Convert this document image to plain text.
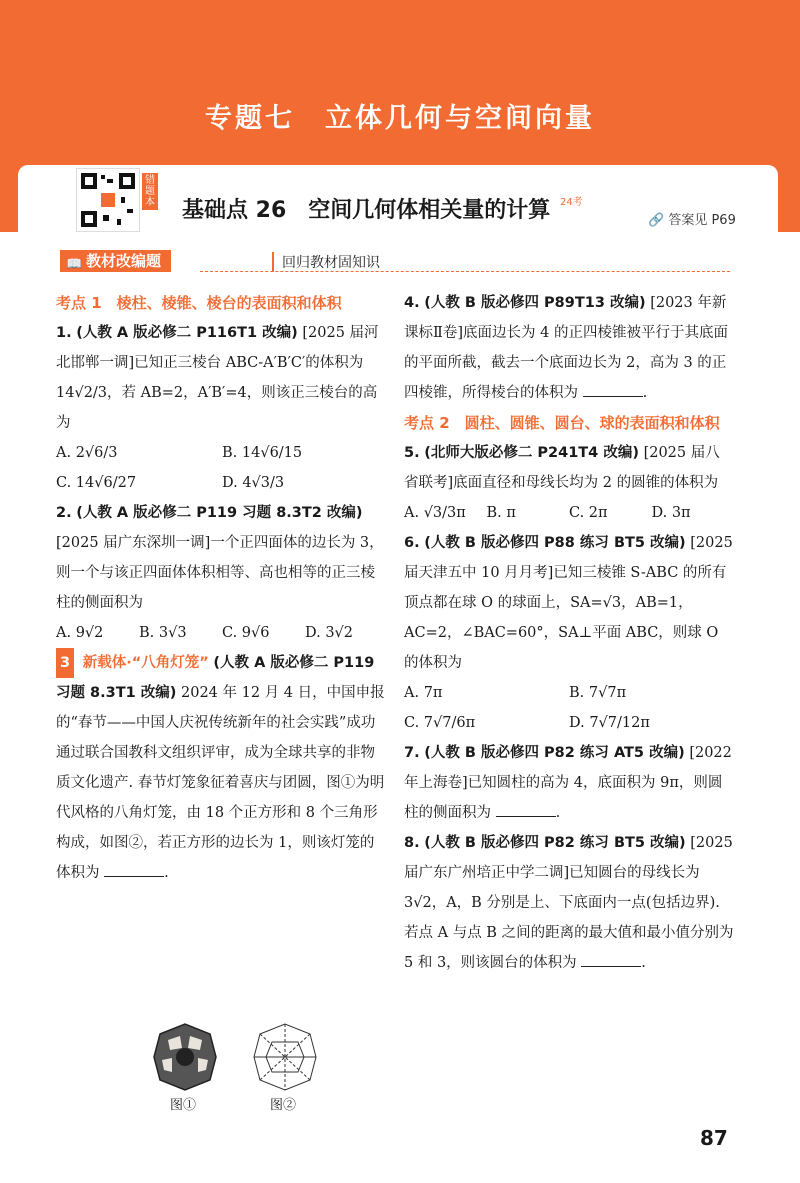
专题七　立体几何与空间向量
错题本 基础点 26　空间几何体相关量的计算 $^{24考}$
🔗 答案见 P69
📖 教材改编题	回归教材固知识
考点 1　棱柱、棱锥、棱台的表面积和体积
1. (人教 A 版必修二 P116T1 改编) [2025 届河北邯郸一调]已知正三棱台 ABC-A′B′C′的体积为 14√2/3，若 AB=2，A′B′=4，则该正三棱台的高为
A. 2√6/3	B. 14√6/15
C. 14√6/27	D. 4√3/3
2. (人教 A 版必修二 P119 习题 8.3T2 改编) [2025 届广东深圳一调]一个正四面体的边长为 3，则一个与该正四面体体积相等、高也相等的正三棱柱的侧面积为
A. 9√2	B. 3√3	C. 9√6	D. 3√2
3 新载体·“八角灯笼” (人教 A 版必修二 P119 习题 8.3T1 改编) 2024 年 12 月 4 日，中国申报的“春节——中国人庆祝传统新年的社会实践”成功通过联合国教科文组织评审，成为全球共享的非物质文化遗产. 春节灯笼象征着喜庆与团圆，图①为明代风格的八角灯笼，由 18 个正方形和 8 个三角形构成，如图②，若正方形的边长为 1，则该灯笼的体积为	.
图①	图②
4. (人教 B 版必修四 P89T13 改编) [2023 年新课标Ⅱ卷]底面边长为 4 的正四棱锥被平行于其底面的平面所截，截去一个底面边长为 2，高为 3 的正四棱锥，所得棱台的体积为	.
考点 2　圆柱、圆锥、圆台、球的表面积和体积
5. (北师大版必修二 P241T4 改编) [2025 届八省联考]底面直径和母线长均为 2 的圆锥的体积为
A. √3/3π	B. π	C. 2π	D. 3π
6. (人教 B 版必修四 P88 练习 BT5 改编) [2025 届天津五中 10 月月考]已知三棱锥 S-ABC 的所有顶点都在球 O 的球面上，SA=√3，AB=1，AC=2，∠BAC=60°，SA⊥平面 ABC，则球 O 的体积为
A. 7π	B. 7√7π
C. 7√7/6π	D. 7√7/12π
7. (人教 B 版必修四 P82 练习 AT5 改编) [2022 年上海卷]已知圆柱的高为 4，底面积为 9π，则圆柱的侧面积为	.
8. (人教 B 版必修四 P82 练习 BT5 改编) [2025 届广东广州培正中学二调]已知圆台的母线长为 3√2，A，B 分别是上、下底面内一点(包括边界). 若点 A 与点 B 之间的距离的最大值和最小值分别为 5 和 3，则该圆台的体积为	.
87
